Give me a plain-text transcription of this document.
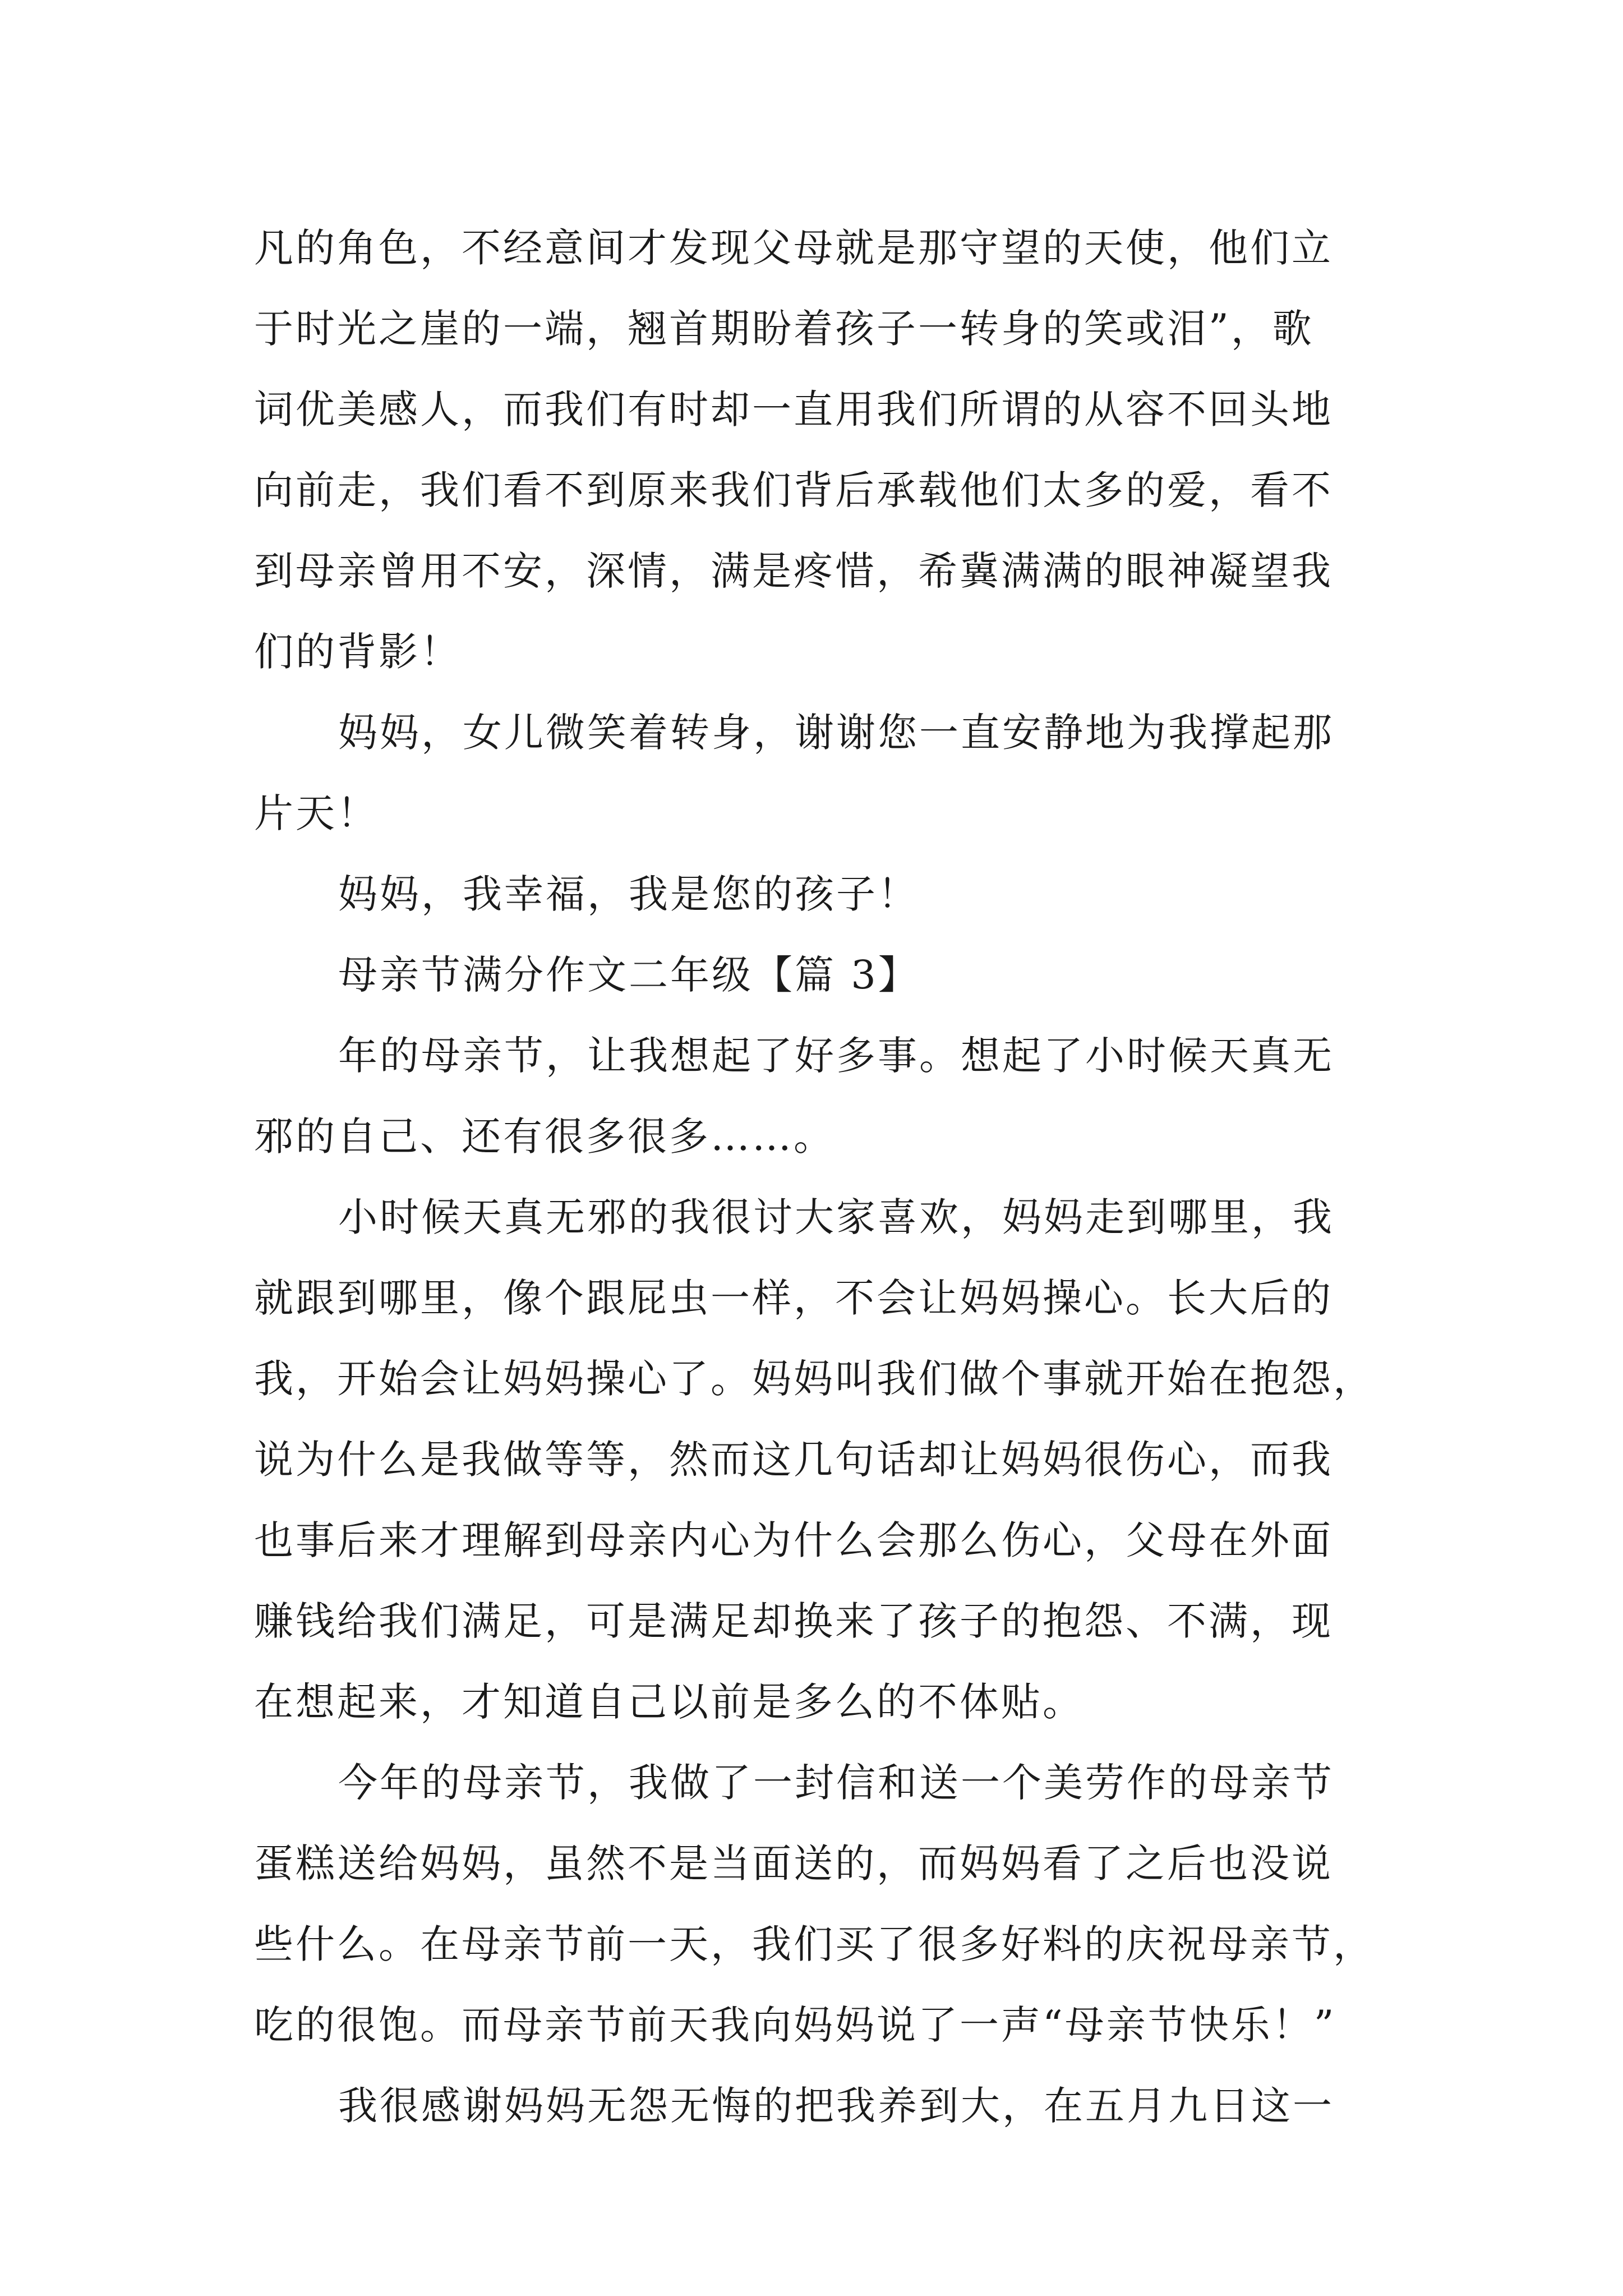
凡的角色，不经意间才发现父母就是那守望的天使，他们立
于时光之崖的一端，翘首期盼着孩子一转身的笑或泪”，歌
词优美感人，而我们有时却一直用我们所谓的从容不回头地
向前走，我们看不到原来我们背后承载他们太多的爱，看不
到母亲曾用不安，深情，满是疼惜，希冀满满的眼神凝望我
们的背影！
妈妈，女儿微笑着转身，谢谢您一直安静地为我撑起那
片天！
妈妈，我幸福，我是您的孩子！
母亲节满分作文二年级【篇 3】
年的母亲节，让我想起了好多事。想起了小时候天真无
邪的自己、还有很多很多……。
小时候天真无邪的我很讨大家喜欢，妈妈走到哪里，我
就跟到哪里，像个跟屁虫一样，不会让妈妈操心。长大后的
我，开始会让妈妈操心了。妈妈叫我们做个事就开始在抱怨，
说为什么是我做等等，然而这几句话却让妈妈很伤心，而我
也事后来才理解到母亲内心为什么会那么伤心，父母在外面
赚钱给我们满足，可是满足却换来了孩子的抱怨、不满，现
在想起来，才知道自己以前是多么的不体贴。
今年的母亲节，我做了一封信和送一个美劳作的母亲节
蛋糕送给妈妈，虽然不是当面送的，而妈妈看了之后也没说
些什么。在母亲节前一天，我们买了很多好料的庆祝母亲节，
吃的很饱。而母亲节前天我向妈妈说了一声“母亲节快乐！”
我很感谢妈妈无怨无悔的把我养到大，在五月九日这一
